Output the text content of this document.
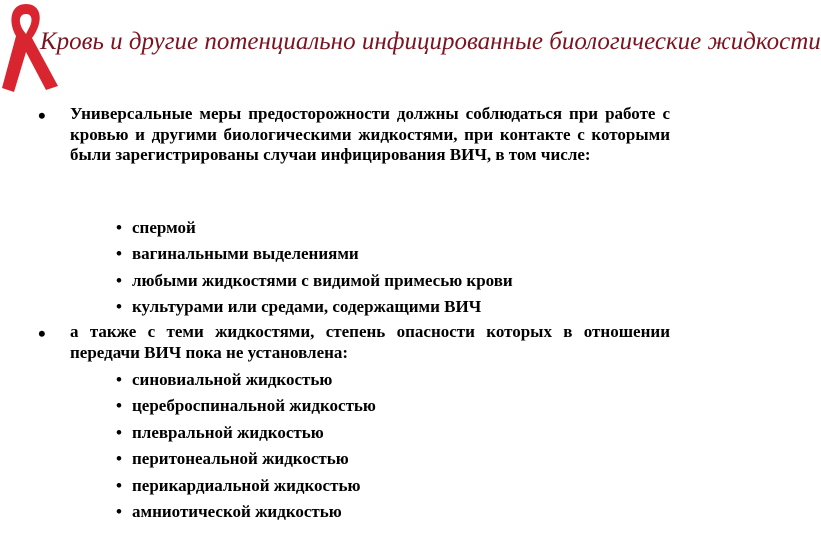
Кровь и другие потенциально инфицированные биологические жидкости
• Универсальные меры предосторожности должны соблюдаться при работе с кровью и другими биологическими жидкостями, при контакте с которыми были зарегистрированы случаи инфицирования ВИЧ, в том числе:

• спермой
• вагинальными выделениями
• любыми жидкостями с видимой примесью крови
• культурами или средами, содержащими ВИЧ
• а также с теми жидкостями, степень опасности которых в отношении передачи ВИЧ пока не установлена:

• синовиальной жидкостью
• цереброспинальной жидкостью
• плевральной жидкостью
• перитонеальной жидкостью
• перикардиальной жидкостью
• амниотической жидкостью
